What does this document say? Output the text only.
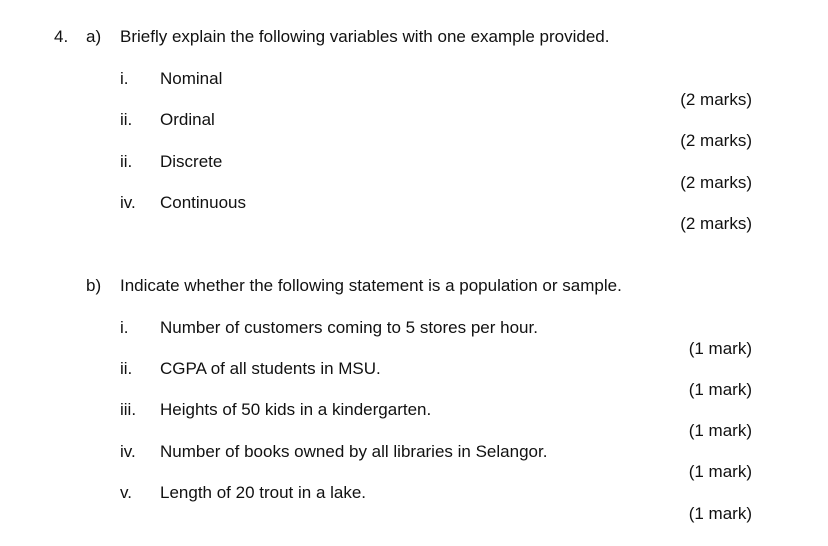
4. a) Briefly explain the following variables with one example provided.
i. Nominal
(2 marks)
ii. Ordinal
(2 marks)
ii. Discrete
(2 marks)
iv. Continuous
(2 marks)
b) Indicate whether the following statement is a population or sample.
i. Number of customers coming to 5 stores per hour.
(1 mark)
ii. CGPA of all students in MSU.
(1 mark)
iii. Heights of 50 kids in a kindergarten.
(1 mark)
iv. Number of books owned by all libraries in Selangor.
(1 mark)
v. Length of 20 trout in a lake.
(1 mark)
